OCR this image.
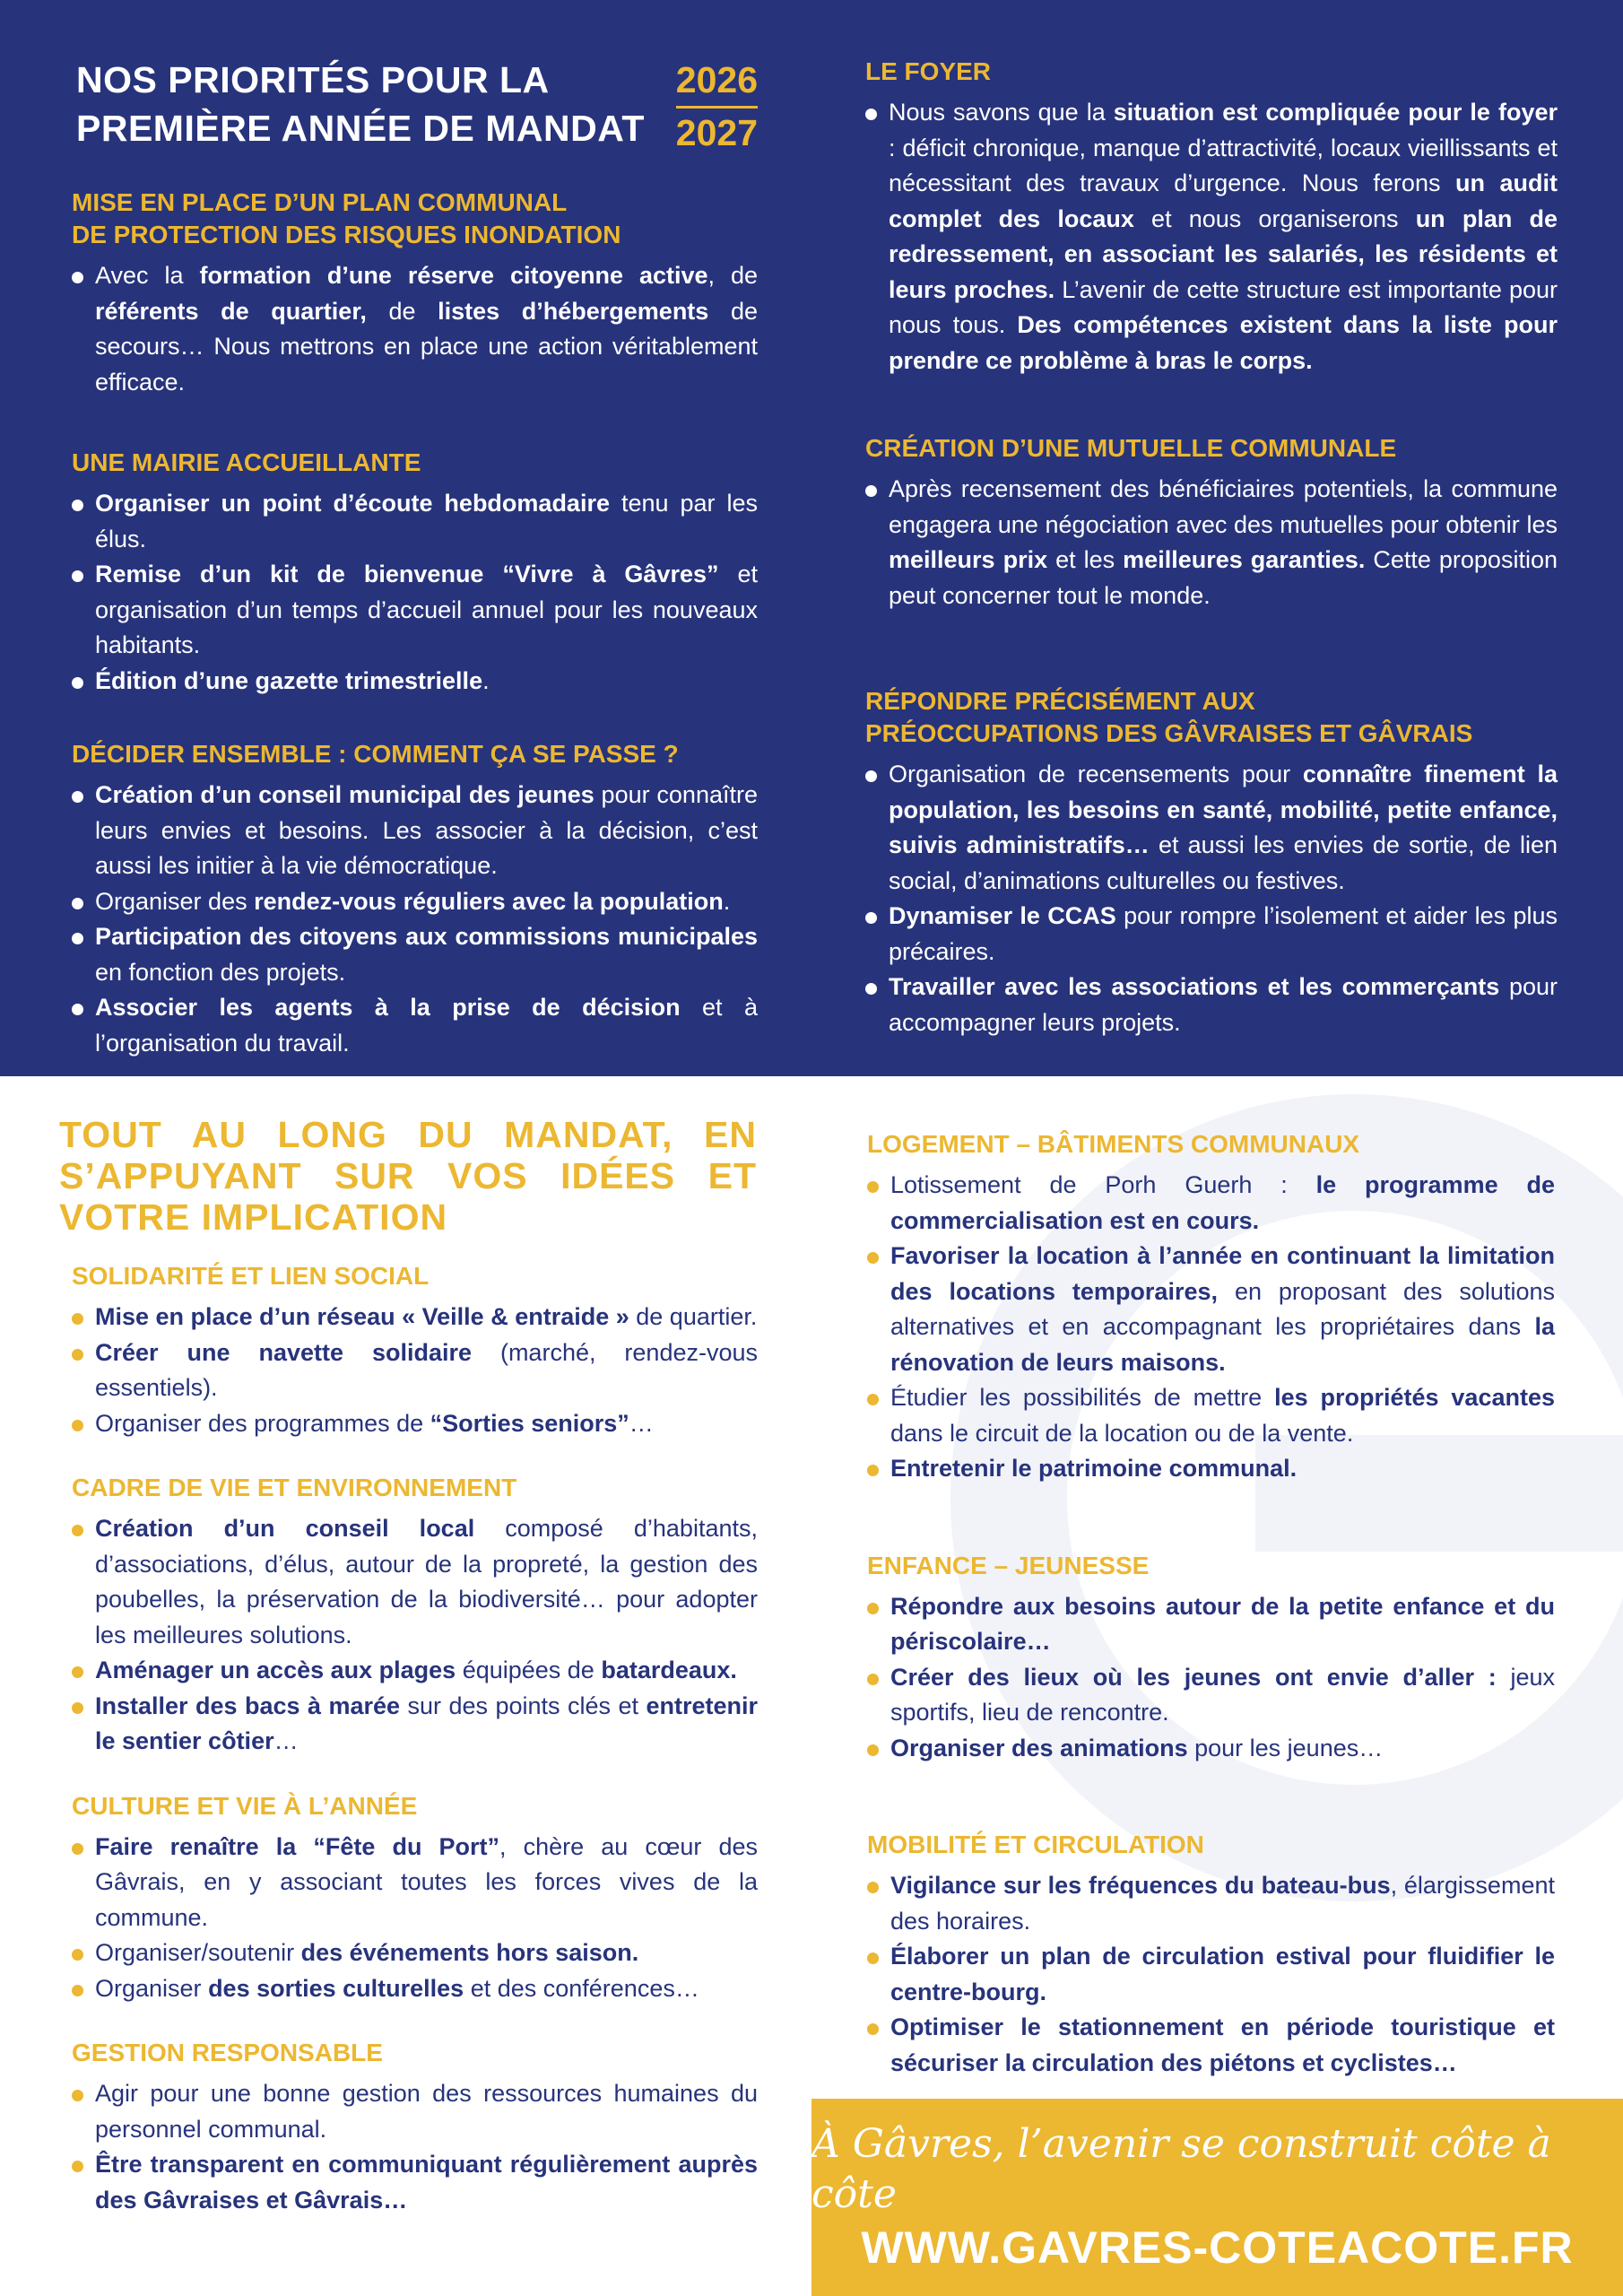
NOS PRIORITÉS POUR LA
PREMIÈRE ANNÉE DE MANDAT
2026
2027
MISE EN PLACE D’UN PLAN COMMUNAL
DE PROTECTION DES RISQUES INONDATION
Avec la formation d’une réserve citoyenne active, de référents de quartier, de listes d’hébergements de secours… Nous mettrons en place une action véritablement efficace.
UNE MAIRIE ACCUEILLANTE
Organiser un point d’écoute hebdomadaire tenu par les élus.
Remise d’un kit de bienvenue “Vivre à Gâvres” et organisation d’un temps d’accueil annuel pour les nouveaux habitants.
Édition d’une gazette trimestrielle.
DÉCIDER ENSEMBLE : COMMENT ÇA SE PASSE ?
Création d’un conseil municipal des jeunes pour connaître leurs envies et besoins. Les associer à la décision, c’est aussi les initier à la vie démocratique.
Organiser des rendez-vous réguliers avec la population.
Participation des citoyens aux commissions municipales en fonction des projets.
Associer les agents à la prise de décision et à l’organisation du travail.
LE FOYER
Nous savons que la situation est compliquée pour le foyer : déficit chronique, manque d’attractivité, locaux vieillissants et nécessitant des travaux d’urgence. Nous ferons un audit complet des locaux et nous organiserons un plan de redressement, en associant les salariés, les résidents et leurs proches. L’avenir de cette structure est importante pour nous tous. Des compétences existent dans la liste pour prendre ce problème à bras le corps.
CRÉATION D’UNE MUTUELLE COMMUNALE
Après recensement des bénéficiaires potentiels, la commune engagera une négociation avec des mutuelles pour obtenir les meilleurs prix et les meilleures garanties. Cette proposition peut concerner tout le monde.
RÉPONDRE PRÉCISÉMENT AUX
PRÉOCCUPATIONS DES GÂVRAISES ET GÂVRAIS
Organisation de recensements pour connaître finement la population, les besoins en santé, mobilité, petite enfance, suivis administratifs… et aussi les envies de sortie, de lien social, d’animations culturelles ou festives.
Dynamiser le CCAS pour rompre l’isolement et aider les plus précaires.
Travailler avec les associations et les commerçants pour accompagner leurs projets.
TOUT AU LONG DU MANDAT, EN S’APPUYANT SUR VOS IDÉES ET VOTRE IMPLICATION
SOLIDARITÉ ET LIEN SOCIAL
Mise en place d’un réseau « Veille & entraide » de quartier.
Créer une navette solidaire (marché, rendez-vous essentiels).
Organiser des programmes de “Sorties seniors”…
CADRE DE VIE ET ENVIRONNEMENT
Création d’un conseil local composé d’habitants, d’associations, d’élus, autour de la propreté, la gestion des poubelles, la préservation de la biodiversité… pour adopter les meilleures solutions.
Aménager un accès aux plages équipées de batardeaux.
Installer des bacs à marée sur des points clés et entretenir le sentier côtier…
CULTURE ET VIE À L’ANNÉE
Faire renaître la “Fête du Port”, chère au cœur des Gâvrais, en y associant toutes les forces vives de la commune.
Organiser/soutenir des événements hors saison.
Organiser des sorties culturelles et des conférences…
GESTION RESPONSABLE
Agir pour une bonne gestion des ressources humaines du personnel communal.
Être transparent en communiquant régulièrement auprès des Gâvraises et Gâvrais…
LOGEMENT – BÂTIMENTS COMMUNAUX
Lotissement de Porh Guerh : le programme de commercialisation est en cours.
Favoriser la location à l’année en continuant la limitation des locations temporaires, en proposant des solutions alternatives et en accompagnant les propriétaires dans la rénovation de leurs maisons.
Étudier les possibilités de mettre les propriétés vacantes dans le circuit de la location ou de la vente.
Entretenir le patrimoine communal.
ENFANCE – JEUNESSE
Répondre aux besoins autour de la petite enfance et du périscolaire…
Créer des lieux où les jeunes ont envie d’aller : jeux sportifs, lieu de rencontre.
Organiser des animations pour les jeunes…
MOBILITÉ ET CIRCULATION
Vigilance sur les fréquences du bateau-bus, élargissement des horaires.
Élaborer un plan de circulation estival pour fluidifier le centre-bourg.
Optimiser le stationnement en période touristique et sécuriser la circulation des piétons et cyclistes…
À Gâvres, l’avenir se construit côte à côte
WWW.GAVRES-COTEACOTE.FR
